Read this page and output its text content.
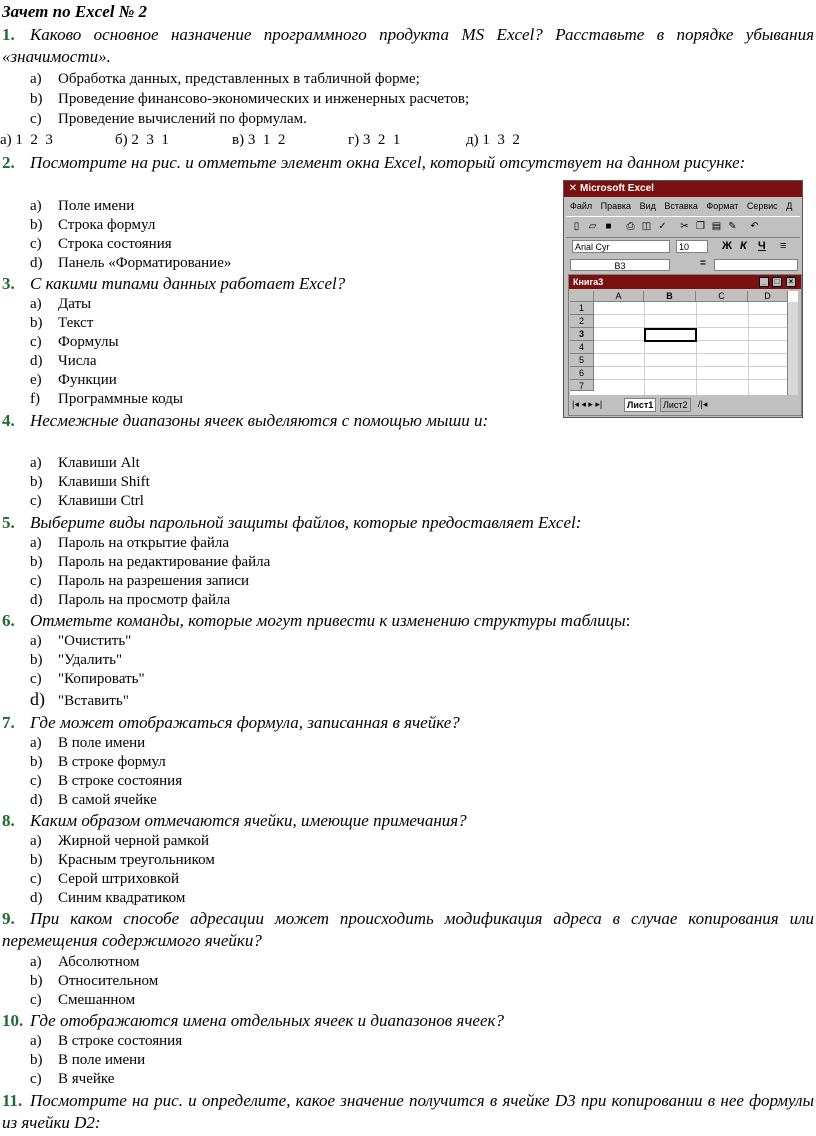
Зачет по Excel № 2
1. Каково основное назначение программного продукта MS Excel? Расставьте в порядке убывания «значимости».
a) Обработка данных, представленных в табличной форме;
b) Проведение финансово-экономических и инженерных расчетов;
c) Проведение вычислений по формулам.
а) 1  2  3	б) 2  3  1	в) 3  1  2	г) 3  2  1	д) 1  3  2
2. Посмотрите на рис. и отметьте элемент окна Excel, который отсутствует на данном рисунке:
a) Поле имени
b) Строка формул
c) Строка состояния
d) Панель «Форматирование»
3. С какими типами данных работает Excel?
a) Даты
b) Текст
c) Формулы
d) Числа
e) Функции
f) Программные коды
4. Несмежные диапазоны ячеек выделяются с помощью мыши и:
a) Клавиши Alt
b) Клавиши Shift
c) Клавиши Ctrl
5. Выберите виды парольной защиты файлов, которые предоставляет Excel:
a) Пароль на открытие файла
b) Пароль на редактирование файла
c) Пароль на разрешения записи
d) Пароль на просмотр файла
6. Отметьте команды, которые могут привести к изменению структуры таблицы:
a) "Очистить"
b) "Удалить"
c) "Копировать"
d) "Вставить"
7. Где может отображаться формула, записанная в ячейке?
a) В поле имени
b) В строке формул
c) В строке состояния
d) В самой ячейке
8. Каким образом отмечаются ячейки, имеющие примечания?
a) Жирной черной рамкой
b) Красным треугольником
c) Серой штриховкой
d) Синим квадратиком
9. При каком способе адресации может происходить модификация адреса в случае копирования или перемещения содержимого ячейки?
a) Абсолютном
b) Относительном
c) Смешанном
10. Где отображаются имена отдельных ячеек и диапазонов ячеек?
a) В строке состояния
b) В поле имени
c) В ячейке
11. Посмотрите на рис. и определите, какое значение получится в ячейке D3 при копировании в нее формулы из ячейки D2:
✕ Microsoft Excel
Файл Правка Вид Вставка Формат Сервис Д
▯ ▱ ■	⎙ ◫ ✓ ✂ ❐ ▤ ✎ ↶
Arial Cyr	10	Ж К Ч ≡
B3	=
Книга3	_	□	×
A	B	C	D
1
2
3
4
5
6
7
|◂ ◂ ▸ ▸|	Лист1	Лист2	/|◂
